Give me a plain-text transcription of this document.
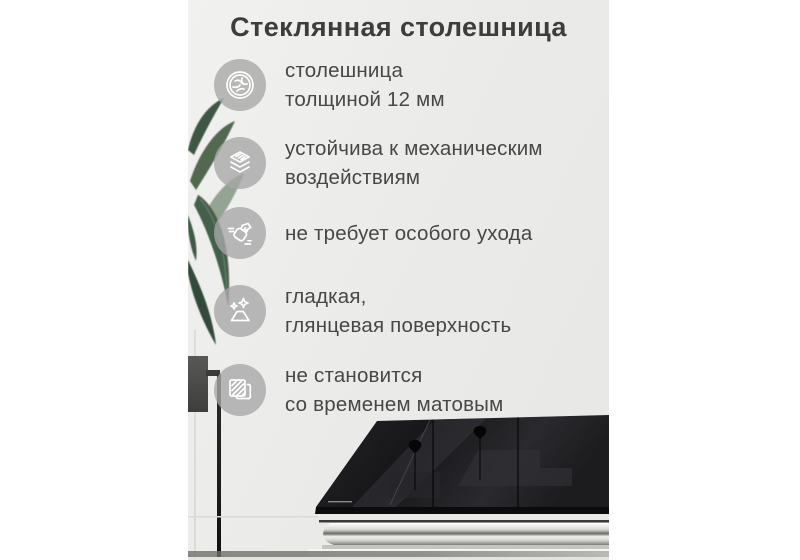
Стеклянная столешница
столешница
толщиной 12 мм
устойчива к механическим
воздействиям
не требует особого ухода
гладкая,
глянцевая поверхность
не становится
со временем матовым
